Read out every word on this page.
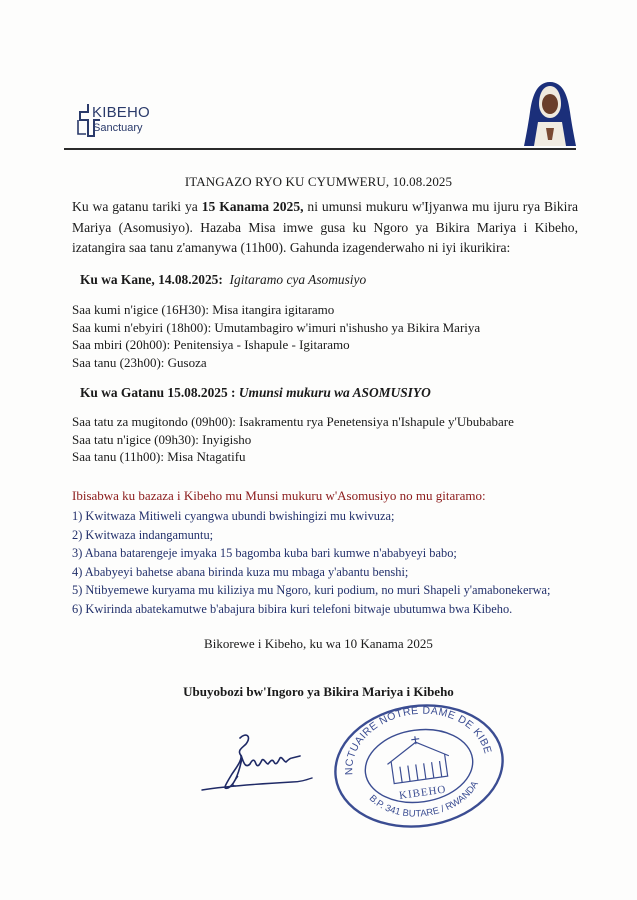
KIBEHO
Sanctuary
ITANGAZO RYO KU CYUMWERU, 10.08.2025
Ku wa gatanu tariki ya 15 Kanama 2025, ni umunsi mukuru w'Ijyanwa mu ijuru rya Bikira Mariya (Asomusiyo). Hazaba Misa imwe gusa ku Ngoro ya Bikira Mariya i Kibeho, izatangira saa tanu z'amanywa (11h00). Gahunda izagenderwaho ni iyi ikurikira:
Ku wa Kane, 14.08.2025: Igitaramo cya Asomusiyo
Saa kumi n'igice (16H30): Misa itangira igitaramo
Saa kumi n'ebyiri (18h00): Umutambagiro w'imuri n'ishusho ya Bikira Mariya
Saa mbiri (20h00): Penitensiya - Ishapule - Igitaramo
Saa tanu (23h00): Gusoza
Ku wa Gatanu 15.08.2025 : Umunsi mukuru wa ASOMUSIYO
Saa tatu za mugitondo (09h00): Isakramentu rya Penetensiya n'Ishapule y'Ububabare
Saa tatu n'igice (09h30): Inyigisho
Saa tanu (11h00): Misa Ntagatifu
Ibisabwa ku bazaza i Kibeho mu Munsi mukuru w'Asomusiyo no mu gitaramo:
1) Kwitwaza Mitiweli cyangwa ubundi bwishingizi mu kwivuza;
2) Kwitwaza indangamuntu;
3) Abana batarengeje imyaka 15 bagomba kuba bari kumwe n'ababyeyi babo;
4) Ababyeyi bahetse abana birinda kuza mu mbaga y'abantu benshi;
5) Ntibyemewe kuryama mu kiliziya mu Ngoro, kuri podium, no muri Shapeli y'amabonekerwa;
6) Kwirinda abatekamutwe b'abajura bibira kuri telefoni bitwaje ubutumwa bwa Kibeho.
Bikorewe i Kibeho, ku wa 10 Kanama 2025
Ubuyobozi bw'Ingoro ya Bikira Mariya i Kibeho
SANCTUAIRE NOTRE DAME DE KIBEHO
B.P. 341 BUTARE / RWANDA
KIBEHO
